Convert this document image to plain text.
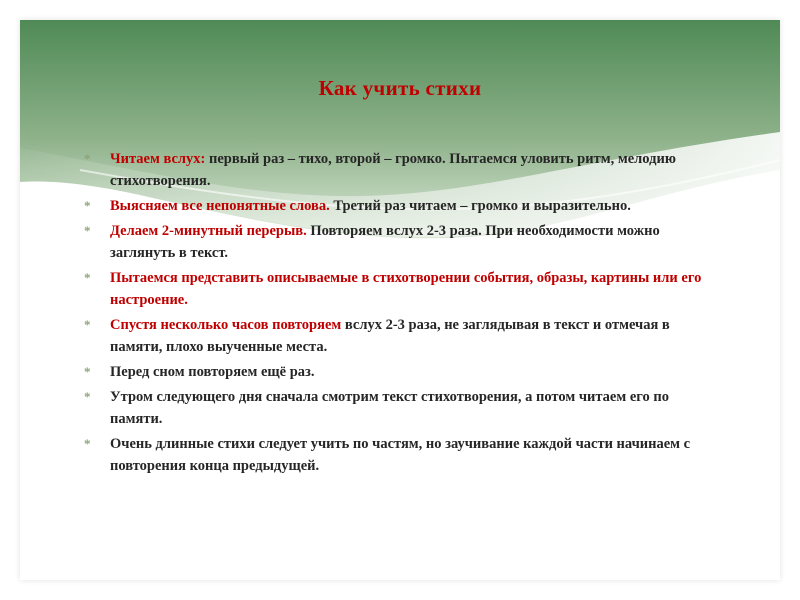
Как учить стихи
* Читаем вслух: первый раз – тихо, второй – громко. Пытаемся уловить ритм, мелодию стихотворения.
* Выясняем все непонятные слова. Третий раз читаем – громко и выразительно.
* Делаем 2-минутный перерыв. Повторяем вслух 2-3 раза. При необходимости можно заглянуть в текст.
* Пытаемся представить описываемые в стихотворении события, образы, картины или его настроение.
* Спустя несколько часов повторяем вслух 2-3 раза, не заглядывая в текст и отмечая в памяти, плохо выученные места.
* Перед сном повторяем ещё раз.
* Утром следующего дня сначала смотрим текст стихотворения, а потом читаем его по памяти.
* Очень длинные стихи следует учить по частям, но заучивание каждой части начинаем с повторения конца предыдущей.
